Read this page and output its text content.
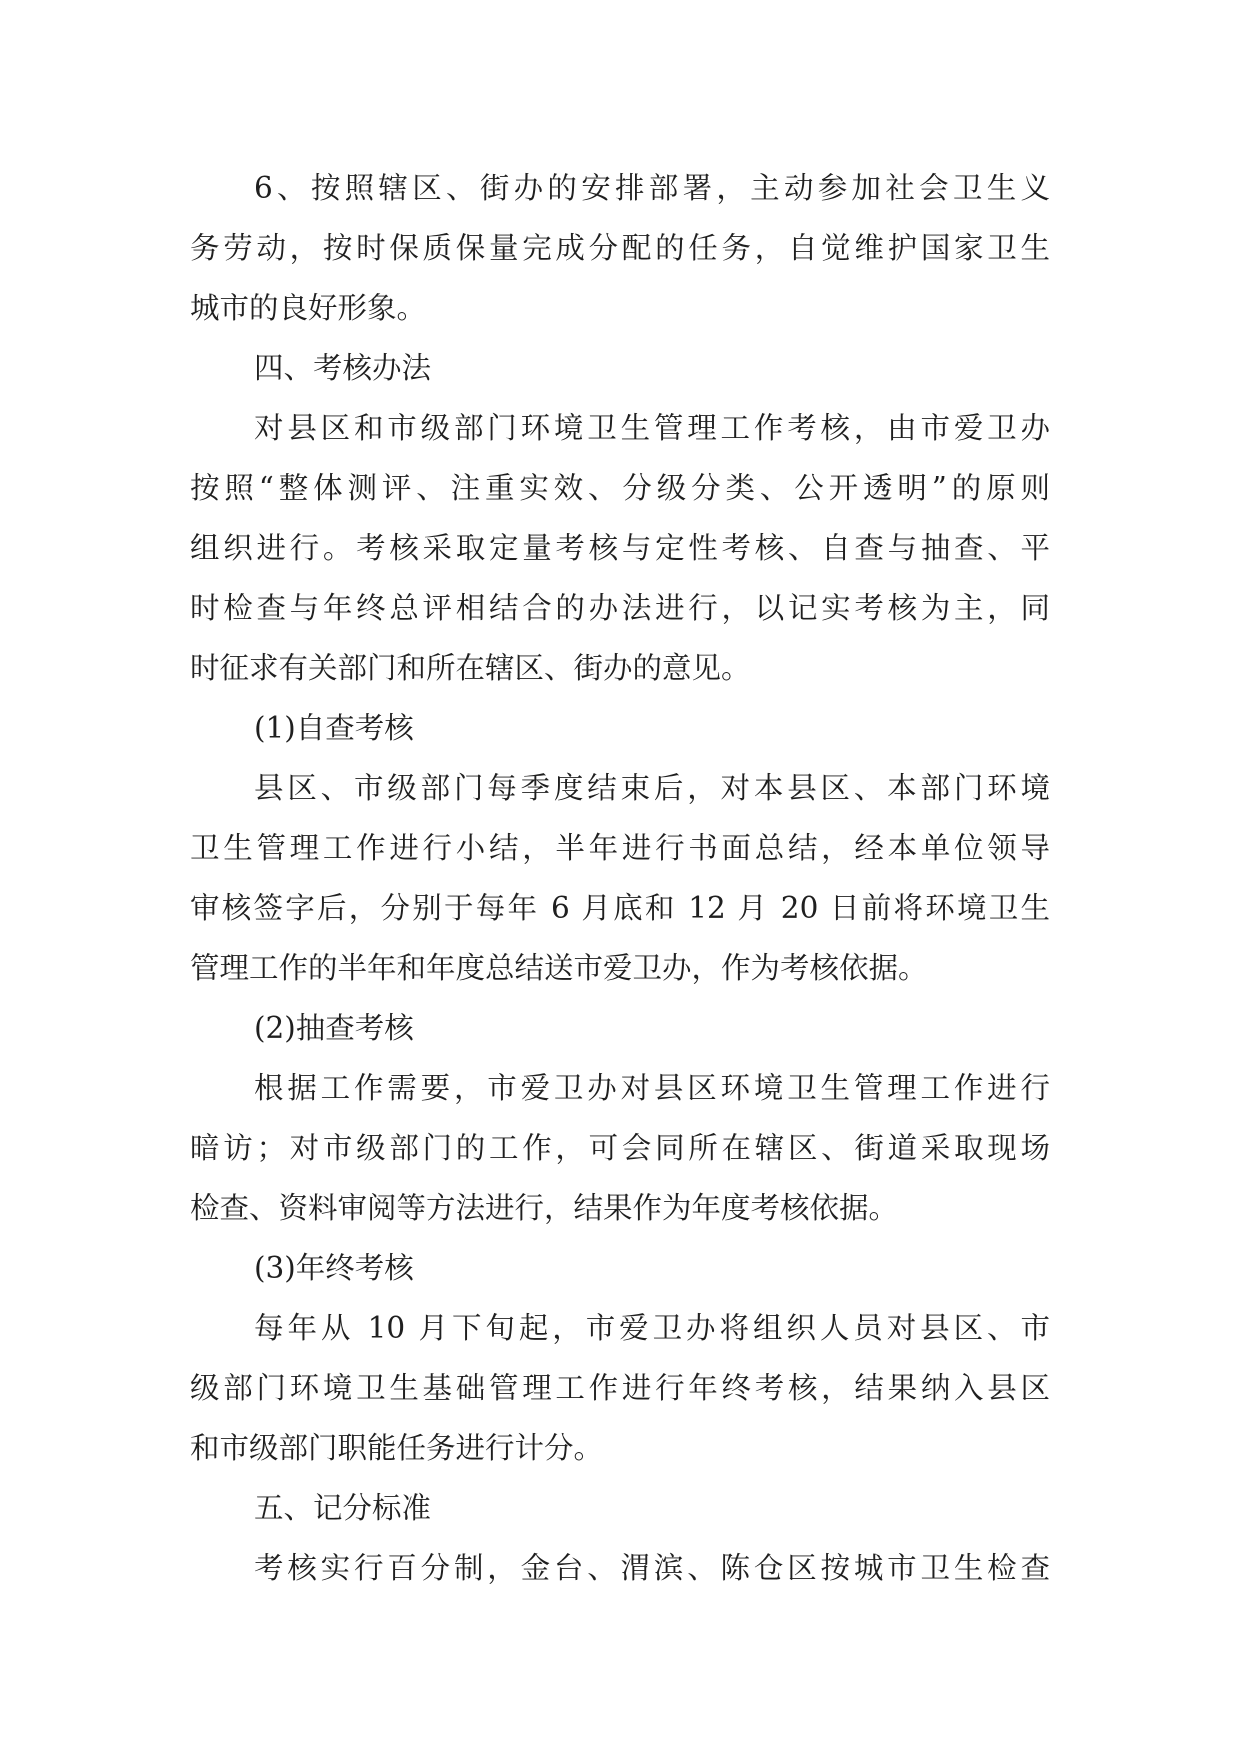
6、按照辖区、街办的安排部署，主动参加社会卫生义
务劳动，按时保质保量完成分配的任务，自觉维护国家卫生
城市的良好形象。
四、考核办法
对县区和市级部门环境卫生管理工作考核，由市爱卫办
按照“整体测评、注重实效、分级分类、公开透明”的原则
组织进行。考核采取定量考核与定性考核、自查与抽查、平
时检查与年终总评相结合的办法进行，以记实考核为主，同
时征求有关部门和所在辖区、街办的意见。
(1)自查考核
县区、市级部门每季度结束后，对本县区、本部门环境
卫生管理工作进行小结，半年进行书面总结，经本单位领导
审核签字后，分别于每年 6 月底和 12 月 20 日前将环境卫生
管理工作的半年和年度总结送市爱卫办，作为考核依据。
(2)抽查考核
根据工作需要，市爱卫办对县区环境卫生管理工作进行
暗访；对市级部门的工作，可会同所在辖区、街道采取现场
检查、资料审阅等方法进行，结果作为年度考核依据。
(3)年终考核
每年从 10 月下旬起，市爱卫办将组织人员对县区、市
级部门环境卫生基础管理工作进行年终考核，结果纳入县区
和市级部门职能任务进行计分。
五、记分标准
考核实行百分制，金台、渭滨、陈仓区按城市卫生检查
